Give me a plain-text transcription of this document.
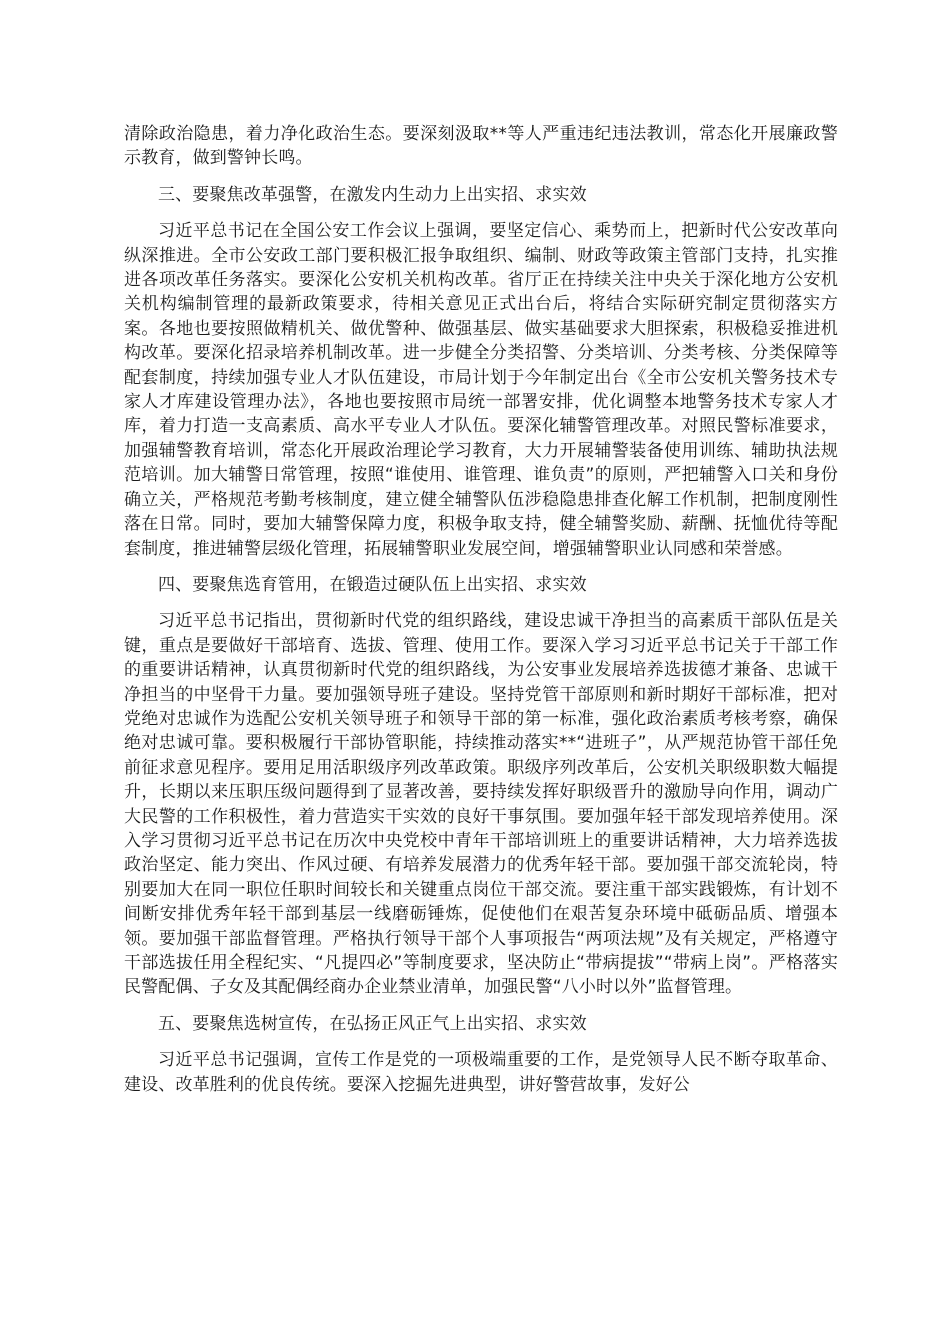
清除政治隐患，着力净化政治生态。要深刻汲取**等人严重违纪违法教训，常态化开展廉政警示教育，做到警钟长鸣。

三、要聚焦改革强警，在激发内生动力上出实招、求实效

习近平总书记在全国公安工作会议上强调，要坚定信心、乘势而上，把新时代公安改革向纵深推进。全市公安政工部门要积极汇报争取组织、编制、财政等政策主管部门支持，扎实推进各项改革任务落实。要深化公安机关机构改革。省厅正在持续关注中央关于深化地方公安机关机构编制管理的最新政策要求，待相关意见正式出台后，将结合实际研究制定贯彻落实方案。各地也要按照做精机关、做优警种、做强基层、做实基础要求大胆探索，积极稳妥推进机构改革。要深化招录培养机制改革。进一步健全分类招警、分类培训、分类考核、分类保障等配套制度，持续加强专业人才队伍建设，市局计划于今年制定出台《全市公安机关警务技术专家人才库建设管理办法》，各地也要按照市局统一部署安排，优化调整本地警务技术专家人才库，着力打造一支高素质、高水平专业人才队伍。要深化辅警管理改革。对照民警标准要求，加强辅警教育培训，常态化开展政治理论学习教育，大力开展辅警装备使用训练、辅助执法规范培训。加大辅警日常管理，按照“谁使用、谁管理、谁负责”的原则，严把辅警入口关和身份确立关，严格规范考勤考核制度，建立健全辅警队伍涉稳隐患排查化解工作机制，把制度刚性落在日常。同时，要加大辅警保障力度，积极争取支持，健全辅警奖励、薪酬、抚恤优待等配套制度，推进辅警层级化管理，拓展辅警职业发展空间，增强辅警职业认同感和荣誉感。

四、要聚焦选育管用，在锻造过硬队伍上出实招、求实效

习近平总书记指出，贯彻新时代党的组织路线，建设忠诚干净担当的高素质干部队伍是关键，重点是要做好干部培育、选拔、管理、使用工作。要深入学习习近平总书记关于干部工作的重要讲话精神，认真贯彻新时代党的组织路线，为公安事业发展培养选拔德才兼备、忠诚干净担当的中坚骨干力量。要加强领导班子建设。坚持党管干部原则和新时期好干部标准，把对党绝对忠诚作为选配公安机关领导班子和领导干部的第一标准，强化政治素质考核考察，确保绝对忠诚可靠。要积极履行干部协管职能，持续推动落实**“进班子”，从严规范协管干部任免前征求意见程序。要用足用活职级序列改革政策。职级序列改革后，公安机关职级职数大幅提升，长期以来压职压级问题得到了显著改善，要持续发挥好职级晋升的激励导向作用，调动广大民警的工作积极性，着力营造实干实效的良好干事氛围。要加强年轻干部发现培养使用。深入学习贯彻习近平总书记在历次中央党校中青年干部培训班上的重要讲话精神，大力培养选拔政治坚定、能力突出、作风过硬、有培养发展潜力的优秀年轻干部。要加强干部交流轮岗，特别要加大在同一职位任职时间较长和关键重点岗位干部交流。要注重干部实践锻炼，有计划不间断安排优秀年轻干部到基层一线磨砺锤炼，促使他们在艰苦复杂环境中砥砺品质、增强本领。要加强干部监督管理。严格执行领导干部个人事项报告“两项法规”及有关规定，严格遵守干部选拔任用全程纪实、“凡提四必”等制度要求，坚决防止“带病提拔”“带病上岗”。严格落实民警配偶、子女及其配偶经商办企业禁业清单，加强民警“八小时以外”监督管理。

五、要聚焦选树宣传，在弘扬正风正气上出实招、求实效

习近平总书记强调，宣传工作是党的一项极端重要的工作，是党领导人民不断夺取革命、建设、改革胜利的优良传统。要深入挖掘先进典型，讲好警营故事，发好公
